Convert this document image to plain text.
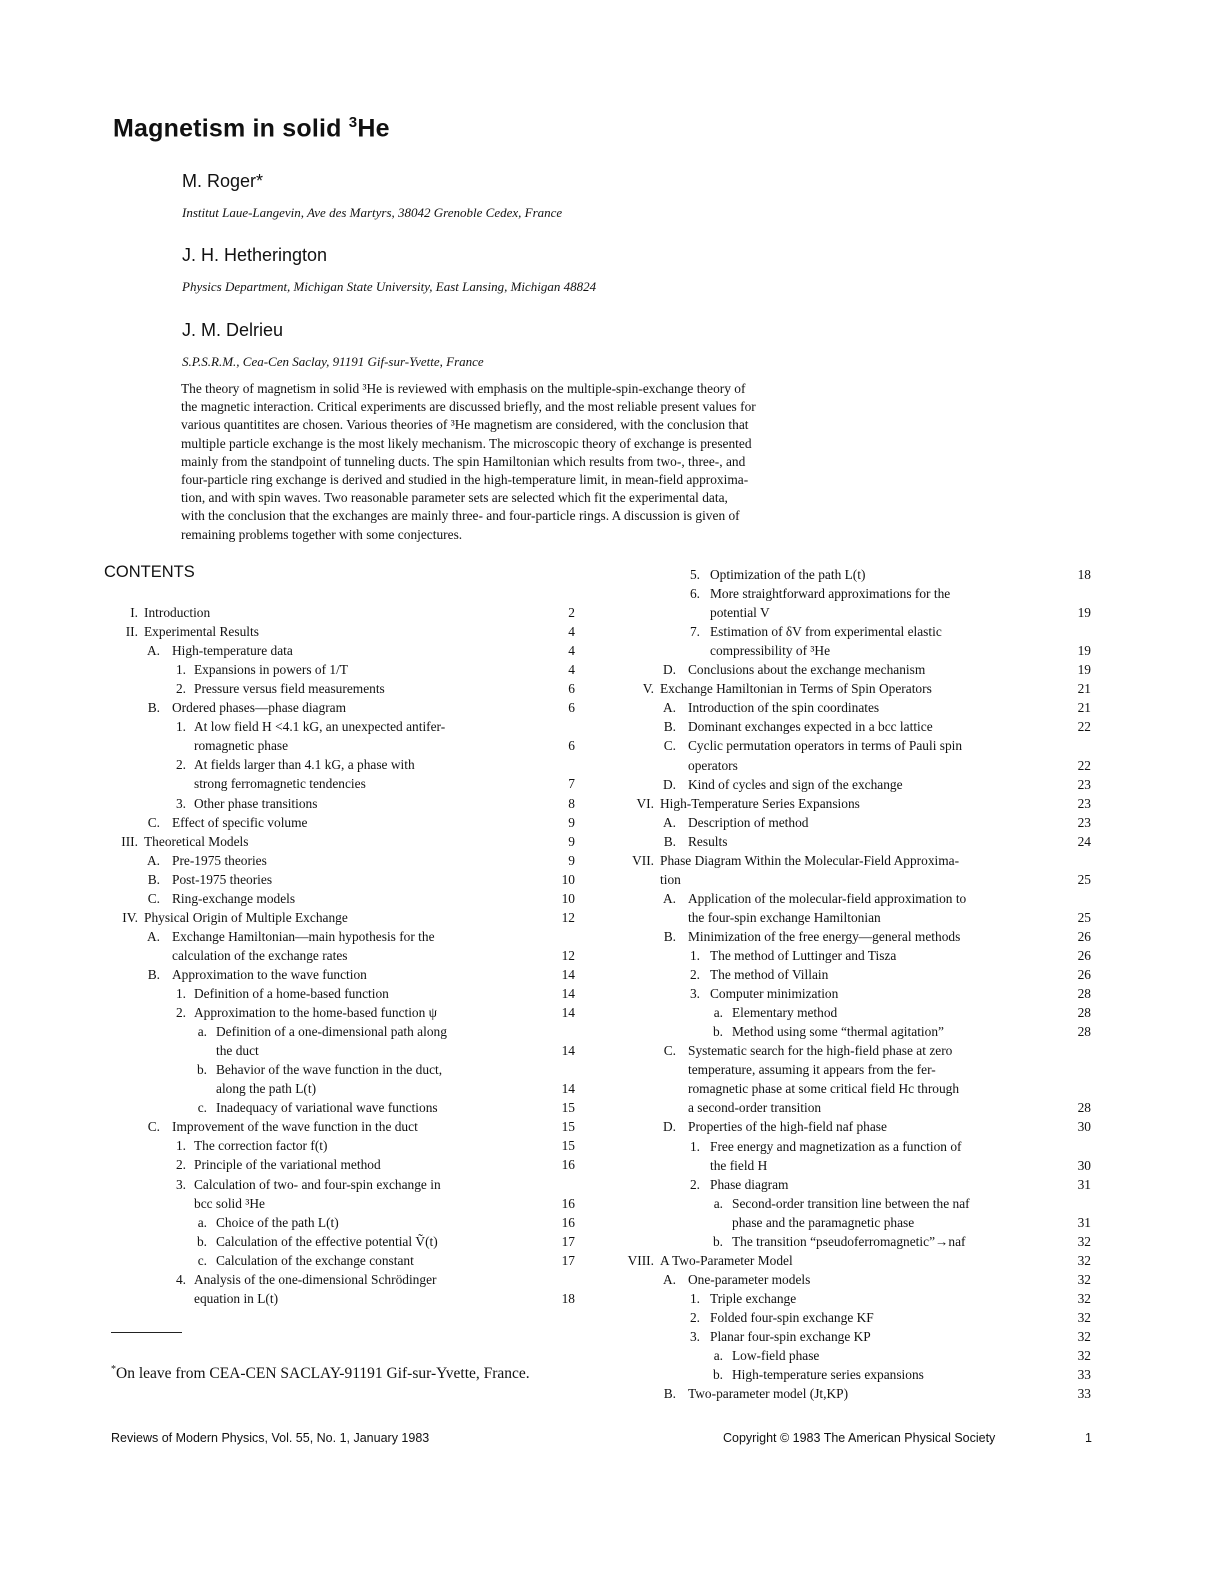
Magnetism in solid $^3$He
M. Roger*
Institut Laue-Langevin, Ave des Martyrs, 38042 Grenoble Cedex, France
J. H. Hetherington
Physics Department, Michigan State University, East Lansing, Michigan 48824
J. M. Delrieu
S.P.S.R.M., Cea-Cen Saclay, 91191 Gif-sur-Yvette, France
The theory of magnetism in solid ³He is reviewed with emphasis on the multiple-spin-exchange theory of
the magnetic interaction. Critical experiments are discussed briefly, and the most reliable present values for
various quantitites are chosen. Various theories of ³He magnetism are considered, with the conclusion that
multiple particle exchange is the most likely mechanism. The microscopic theory of exchange is presented
mainly from the standpoint of tunneling ducts. The spin Hamiltonian which results from two-, three-, and
four-particle ring exchange is derived and studied in the high-temperature limit, in mean-field approxima-
tion, and with spin waves. Two reasonable parameter sets are selected which fit the experimental data,
with the conclusion that the exchanges are mainly three- and four-particle rings. A discussion is given of
remaining problems together with some conjectures.
CONTENTS
I. Introduction	2
II. Experimental Results	4
A. High-temperature data	4
1. Expansions in powers of 1/T	4
2. Pressure versus field measurements	6
B. Ordered phases—phase diagram	6
1. At low field H <4.1 kG, an unexpected antifer-
romagnetic phase	6
2. At fields larger than 4.1 kG, a phase with
strong ferromagnetic tendencies	7
3. Other phase transitions	8
C. Effect of specific volume	9
III. Theoretical Models	9
A. Pre-1975 theories	9
B. Post-1975 theories	10
C. Ring-exchange models	10
IV. Physical Origin of Multiple Exchange	12
A. Exchange Hamiltonian—main hypothesis for the
calculation of the exchange rates	12
B. Approximation to the wave function	14
1. Definition of a home-based function	14
2. Approximation to the home-based function ψ	14
a. Definition of a one-dimensional path along
the duct	14
b. Behavior of the wave function in the duct,
along the path L(t)	14
c. Inadequacy of variational wave functions	15
C. Improvement of the wave function in the duct	15
1. The correction factor f(t)	15
2. Principle of the variational method	16
3. Calculation of two- and four-spin exchange in
bcc solid ³He	16
a. Choice of the path L(t)	16
b. Calculation of the effective potential Ṽ(t)	17
c. Calculation of the exchange constant	17
4. Analysis of the one-dimensional Schrödinger
equation in L(t)	18
5. Optimization of the path L(t)	18
6. More straightforward approximations for the
potential V	19
7. Estimation of δV from experimental elastic
compressibility of ³He	19
D. Conclusions about the exchange mechanism	19
V. Exchange Hamiltonian in Terms of Spin Operators	21
A. Introduction of the spin coordinates	21
B. Dominant exchanges expected in a bcc lattice	22
C. Cyclic permutation operators in terms of Pauli spin
operators	22
D. Kind of cycles and sign of the exchange	23
VI. High-Temperature Series Expansions	23
A. Description of method	23
B. Results	24
VII. Phase Diagram Within the Molecular-Field Approxima-
tion	25
A. Application of the molecular-field approximation to
the four-spin exchange Hamiltonian	25
B. Minimization of the free energy—general methods	26
1. The method of Luttinger and Tisza	26
2. The method of Villain	26
3. Computer minimization	28
a. Elementary method	28
b. Method using some “thermal agitation”	28
C. Systematic search for the high-field phase at zero
temperature, assuming it appears from the fer-
romagnetic phase at some critical field Hc through
a second-order transition	28
D. Properties of the high-field naf phase	30
1. Free energy and magnetization as a function of
the field H	30
2. Phase diagram	31
a. Second-order transition line between the naf
phase and the paramagnetic phase	31
b. The transition “pseudoferromagnetic”→naf	32
VIII. A Two-Parameter Model	32
A. One-parameter models	32
1. Triple exchange	32
2. Folded four-spin exchange KF	32
3. Planar four-spin exchange KP	32
a. Low-field phase	32
b. High-temperature series expansions	33
B. Two-parameter model (Jt,KP)	33
*On leave from CEA-CEN SACLAY-91191 Gif-sur-Yvette, France.
Reviews of Modern Physics, Vol. 55, No. 1, January 1983	Copyright © 1983 The American Physical Society	1
